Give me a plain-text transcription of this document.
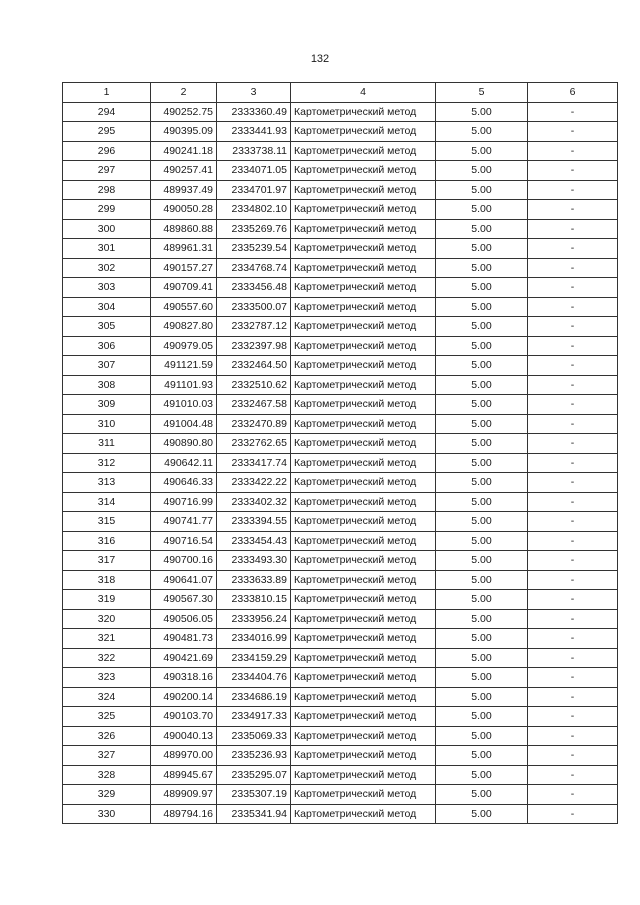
132
1	2	3	4	5	6
294	490252.75	2333360.49	Картометрический метод	5.00	-
295	490395.09	2333441.93	Картометрический метод	5.00	-
296	490241.18	2333738.11	Картометрический метод	5.00	-
297	490257.41	2334071.05	Картометрический метод	5.00	-
298	489937.49	2334701.97	Картометрический метод	5.00	-
299	490050.28	2334802.10	Картометрический метод	5.00	-
300	489860.88	2335269.76	Картометрический метод	5.00	-
301	489961.31	2335239.54	Картометрический метод	5.00	-
302	490157.27	2334768.74	Картометрический метод	5.00	-
303	490709.41	2333456.48	Картометрический метод	5.00	-
304	490557.60	2333500.07	Картометрический метод	5.00	-
305	490827.80	2332787.12	Картометрический метод	5.00	-
306	490979.05	2332397.98	Картометрический метод	5.00	-
307	491121.59	2332464.50	Картометрический метод	5.00	-
308	491101.93	2332510.62	Картометрический метод	5.00	-
309	491010.03	2332467.58	Картометрический метод	5.00	-
310	491004.48	2332470.89	Картометрический метод	5.00	-
311	490890.80	2332762.65	Картометрический метод	5.00	-
312	490642.11	2333417.74	Картометрический метод	5.00	-
313	490646.33	2333422.22	Картометрический метод	5.00	-
314	490716.99	2333402.32	Картометрический метод	5.00	-
315	490741.77	2333394.55	Картометрический метод	5.00	-
316	490716.54	2333454.43	Картометрический метод	5.00	-
317	490700.16	2333493.30	Картометрический метод	5.00	-
318	490641.07	2333633.89	Картометрический метод	5.00	-
319	490567.30	2333810.15	Картометрический метод	5.00	-
320	490506.05	2333956.24	Картометрический метод	5.00	-
321	490481.73	2334016.99	Картометрический метод	5.00	-
322	490421.69	2334159.29	Картометрический метод	5.00	-
323	490318.16	2334404.76	Картометрический метод	5.00	-
324	490200.14	2334686.19	Картометрический метод	5.00	-
325	490103.70	2334917.33	Картометрический метод	5.00	-
326	490040.13	2335069.33	Картометрический метод	5.00	-
327	489970.00	2335236.93	Картометрический метод	5.00	-
328	489945.67	2335295.07	Картометрический метод	5.00	-
329	489909.97	2335307.19	Картометрический метод	5.00	-
330	489794.16	2335341.94	Картометрический метод	5.00	-
